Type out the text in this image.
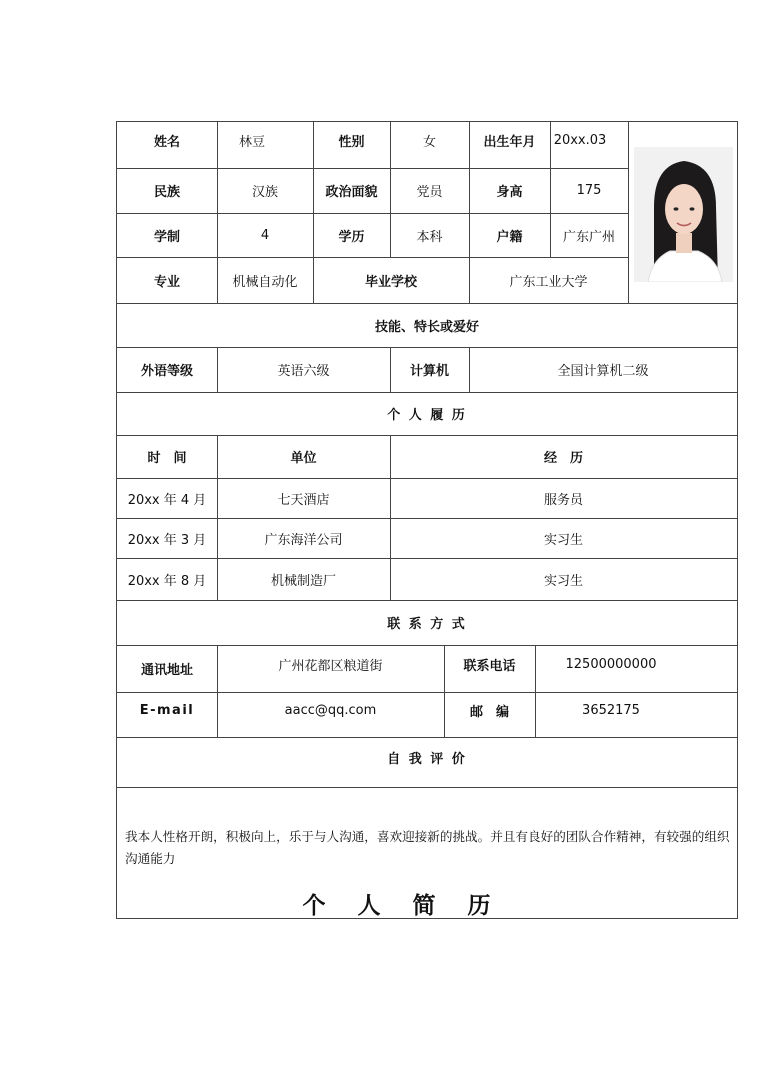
姓名	林豆	性别	女	出生年月	20xx.03
民族	汉族	政治面貌	党员	身高	175
学制	4	学历	本科	户籍	广东广州
专业	机械自动化	毕业学校	广东工业大学
技能、特长或爱好
外语等级	英语六级	计算机	全国计算机二级
个 人 履 历
时　间	单位	经　历
20xx 年 4 月	七天酒店	服务员
20xx 年 3 月	广东海洋公司	实习生
20xx 年 8 月	机械制造厂	实习生
联 系 方 式
通讯地址	广州花都区粮道街	联系电话	12500000000
E-mail	aacc@qq.com	邮　编	3652175
自 我 评 价
我本人性格开朗，积极向上，乐于与人沟通，喜欢迎接新的挑战。并且有良好的团队合作精神，有较强的组织沟通能力
个 人 简 历
